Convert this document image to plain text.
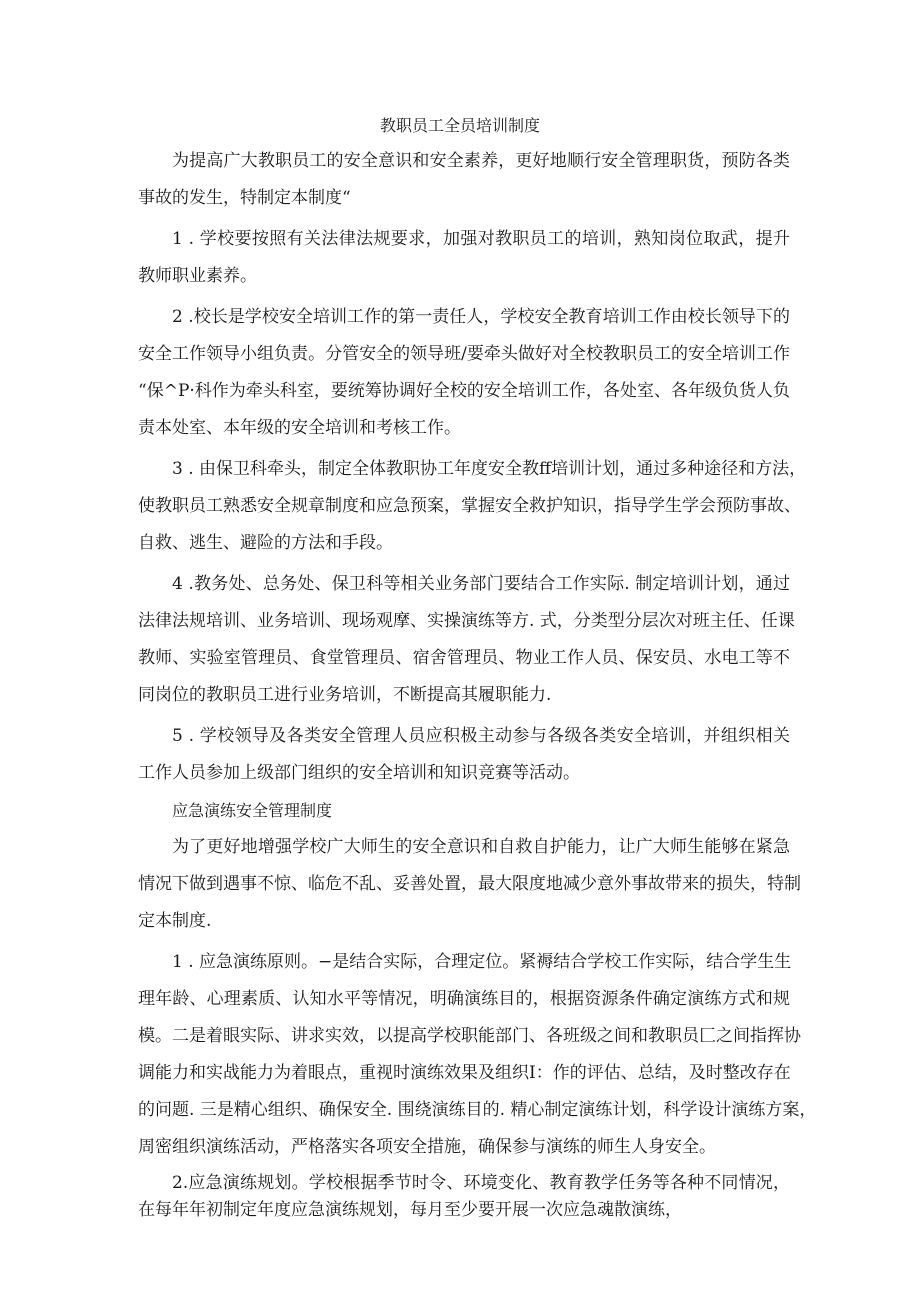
教职员工全员培训制度

为提高广大教职员工的安全意识和安全素养，更好地顺行安全管理职货，预防各类
事故的发生，特制定本制度“

1 . 学校要按照有关法律法规要求，加强对教职员工的培训，熟知岗位取武，提升
教师职业素养。

2 .校长是学校安全培训工作的第一责任人，学校安全教育培训工作由校长领导下的
安全工作领导小组负责。分管安全的领导班/要牵头做好对全校教职员工的安全培训工作
“保^P·科作为牵头科室，要统筹协调好全校的安全培训工作，各处室、各年级负货人负
责本处室、本年级的安全培训和考核工作。

3 . 由保卫科牵头，制定全体教职协工年度安全教ff培训计划，通过多种途径和方法，
使教职员工熟悉安全规章制度和应急预案，掌握安全救护知识，指导学生学会预防事故、
自救、逃生、避险的方法和手段。

4 .教务处、总务处、保卫科等相关业务部门要结合工作实际. 制定培训计划，通过
法律法规培训、业务培训、现场观摩、实操演练等方. 式，分类型分层次对班主任、任课
教师、实验室管理员、食堂管理员、宿舍管理员、物业工作人员、保安员、水电工等不
同岗位的教职员工进行业务培训，不断提高其履职能力.

5 . 学校领导及各类安全管理人员应积极主动参与各级各类安全培训，并组织相关
工作人员参加上级部门组织的安全培训和知识竞赛等活动。

应急演练安全管理制度

为了更好地增强学校广大师生的安全意识和自救自护能力，让广大师生能够在紧急
情况下做到遇事不惊、临危不乱、妥善处置，最大限度地减少意外事故带来的损失，特制
定本制度.

1 . 应急演练原则。−是结合实际，合理定位。紧褥结合学校工作实际，结合学生生
理年龄、心理素质、认知水平等情况，明确演练目的，根据资源条件确定演练方式和规
模。二是着眼实际、讲求实效，以提高学校职能部门、各班级之间和教职员匚之间指挥协
调能力和实战能力为着眼点，重视时演练效果及组织I：作的评估、总结，及时整改存在
的问题. 三是精心组织、确保安全. 围绕演练目的. 精心制定演练计划，科学设计演练方案，
周密组织演练活动，严格落实各项安全措施，确保参与演练的师生人身安全。

2.应急演练规划。学校根据季节时令、环境变化、教育教学任务等各种不同情况，
在每年年初制定年度应急演练规划，每月至少要开展一次应急魂散演练，
